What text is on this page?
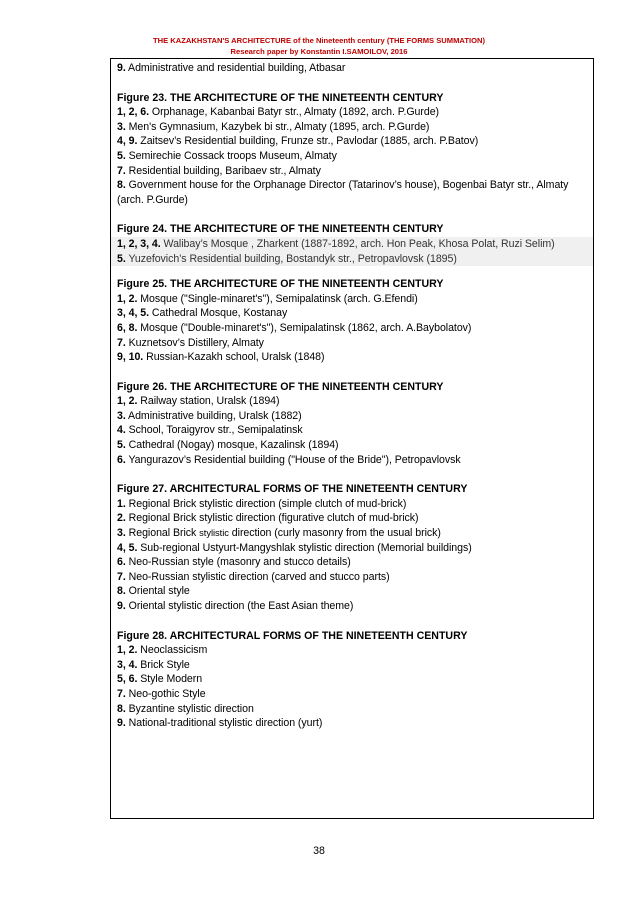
THE KAZAKHSTAN'S ARCHITECTURE of the Nineteenth century (THE FORMS SUMMATION)
Research paper by Konstantin I.SAMOILOV, 2016
9. Administrative and residential building, Atbasar
Figure 23. THE ARCHITECTURE OF THE NINETEENTH CENTURY
1, 2, 6. Orphanage, Kabanbai Batyr str., Almaty (1892, arch. P.Gurde)
3. Men's Gymnasium, Kazybek bi str., Almaty (1895, arch. P.Gurde)
4, 9. Zaitsev’s Residential building, Frunze str., Pavlodar (1885, arch. P.Batov)
5. Semirechie Cossack troops Museum, Almaty
7. Residential building, Baribaev str., Almaty
8. Government house for the Orphanage Director (Tatarinov’s house), Bogenbai Batyr str., Almaty (arch. P.Gurde)
Figure 24. THE ARCHITECTURE OF THE NINETEENTH CENTURY
1, 2, 3, 4. Walibay’s Mosque , Zharkent (1887-1892, arch. Hon Peak, Khosa Polat, Ruzi Selim)
5. Yuzefovich’s Residential building, Bostandyk str., Petropavlovsk (1895)
Figure 25. THE ARCHITECTURE OF THE NINETEENTH CENTURY
1, 2. Mosque ("Single-minaret's"), Semipalatinsk (arch. G.Efendi)
3, 4, 5. Cathedral Mosque, Kostanay
6, 8. Mosque ("Double-minaret's"), Semipalatinsk (1862, arch. A.Baybolatov)
7. Kuznetsov’s Distillery, Almaty
9, 10. Russian-Kazakh school, Uralsk (1848)
Figure 26. THE ARCHITECTURE OF THE NINETEENTH CENTURY
1, 2. Railway station, Uralsk (1894)
3. Administrative building, Uralsk (1882)
4. School, Toraigyrov str., Semipalatinsk
5. Cathedral (Nogay) mosque, Kazalinsk (1894)
6. Yangurazov’s Residential building ("House of the Bride"), Petropavlovsk
Figure 27. ARCHITECTURAL FORMS OF THE NINETEENTH CENTURY
1. Regional Brick stylistic direction (simple clutch of mud-brick)
2. Regional Brick stylistic direction (figurative clutch of mud-brick)
3. Regional Brick stylistic direction (curly masonry from the usual brick)
4, 5. Sub-regional Ustyurt-Mangyshlak stylistic direction (Memorial buildings)
6. Neo-Russian style (masonry and stucco details)
7. Neo-Russian stylistic direction (carved and stucco parts)
8. Oriental style
9. Oriental stylistic direction (the East Asian theme)
Figure 28. ARCHITECTURAL FORMS OF THE NINETEENTH CENTURY
1, 2. Neoclassicism
3, 4. Brick Style
5, 6. Style Modern
7. Neo-gothic Style
8. Byzantine stylistic direction
9. National-traditional stylistic direction (yurt)
38
